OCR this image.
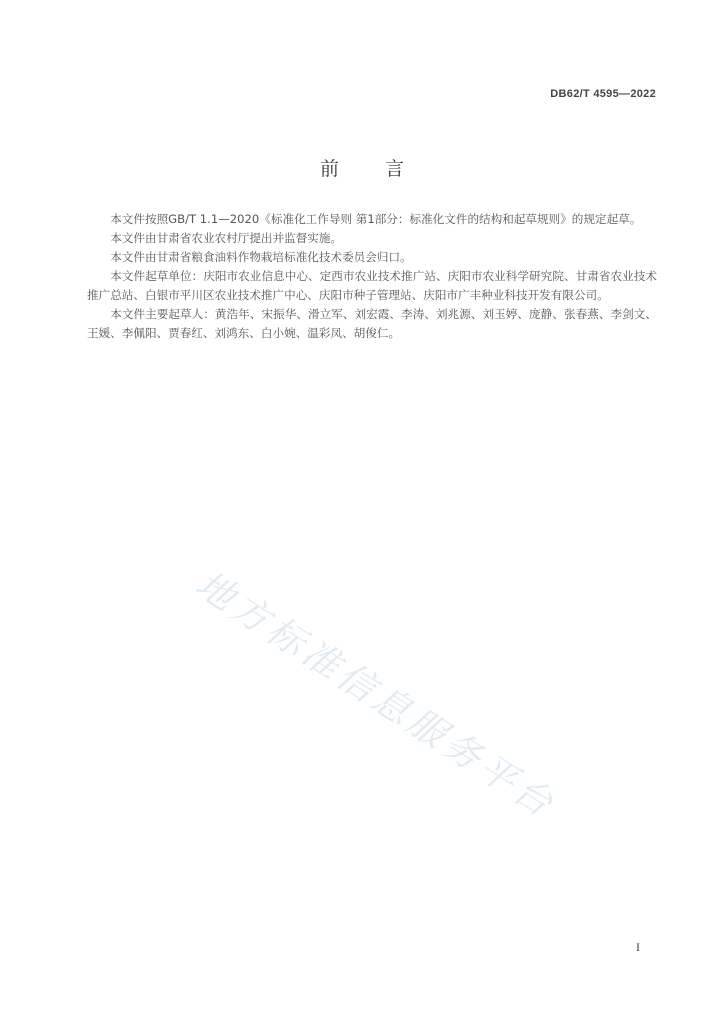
DB62/T 4595—2022
前言

本文件按照GB/T 1.1—2020《标准化工作导则 第1部分：标准化文件的结构和起草规则》的规定起草。

本文件由甘肃省农业农村厅提出并监督实施。

本文件由甘肃省粮食油料作物栽培标准化技术委员会归口。

本文件起草单位：庆阳市农业信息中心、定西市农业技术推广站、庆阳市农业科学研究院、甘肃省农业技术推广总站、白银市平川区农业技术推广中心、庆阳市种子管理站、庆阳市广丰种业科技开发有限公司。

本文件主要起草人：黄浩年、宋振华、滑立军、刘宏霞、李涛、刘兆源、刘玉婷、庞静、张春燕、李剑文、王媛、李佩阳、贾春红、刘鸿东、白小婉、温彩凤、胡俊仁。

地方标准信息服务平台
I
